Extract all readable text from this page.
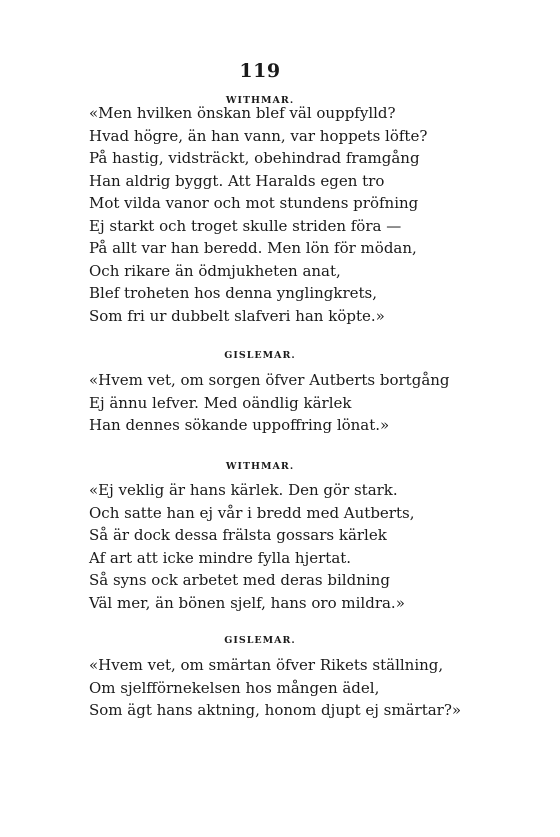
119
WITHMAR.
«Men hvilken önskan blef väl ouppfylld?
Hvad högre, än han vann, var hoppets löfte?
På hastig, vidsträckt, obehindrad framgång
Han aldrig byggt. Att Haralds egen tro
Mot vilda vanor och mot stundens pröfning
Ej starkt och troget skulle striden föra —
På allt var han beredd. Men lön för mödan,
Och rikare än ödmjukheten anat,
Blef troheten hos denna ynglingkrets,
Som fri ur dubbelt slafveri han köpte.»
GISLEMAR.
«Hvem vet, om sorgen öfver Autberts bortgång
Ej ännu lefver. Med oändlig kärlek
Han dennes sökande uppoffring lönat.»
WITHMAR.
«Ej veklig är hans kärlek. Den gör stark.
Och satte han ej vår i bredd med Autberts,
Så är dock dessa frälsta gossars kärlek
Af art att icke mindre fylla hjertat.
Så syns ock arbetet med deras bildning
Väl mer, än bönen sjelf, hans oro mildra.»
GISLEMAR.
«Hvem vet, om smärtan öfver Rikets ställning,
Om sjelfförnekelsen hos mången ädel,
Som ägt hans aktning, honom djupt ej smärtar?»
